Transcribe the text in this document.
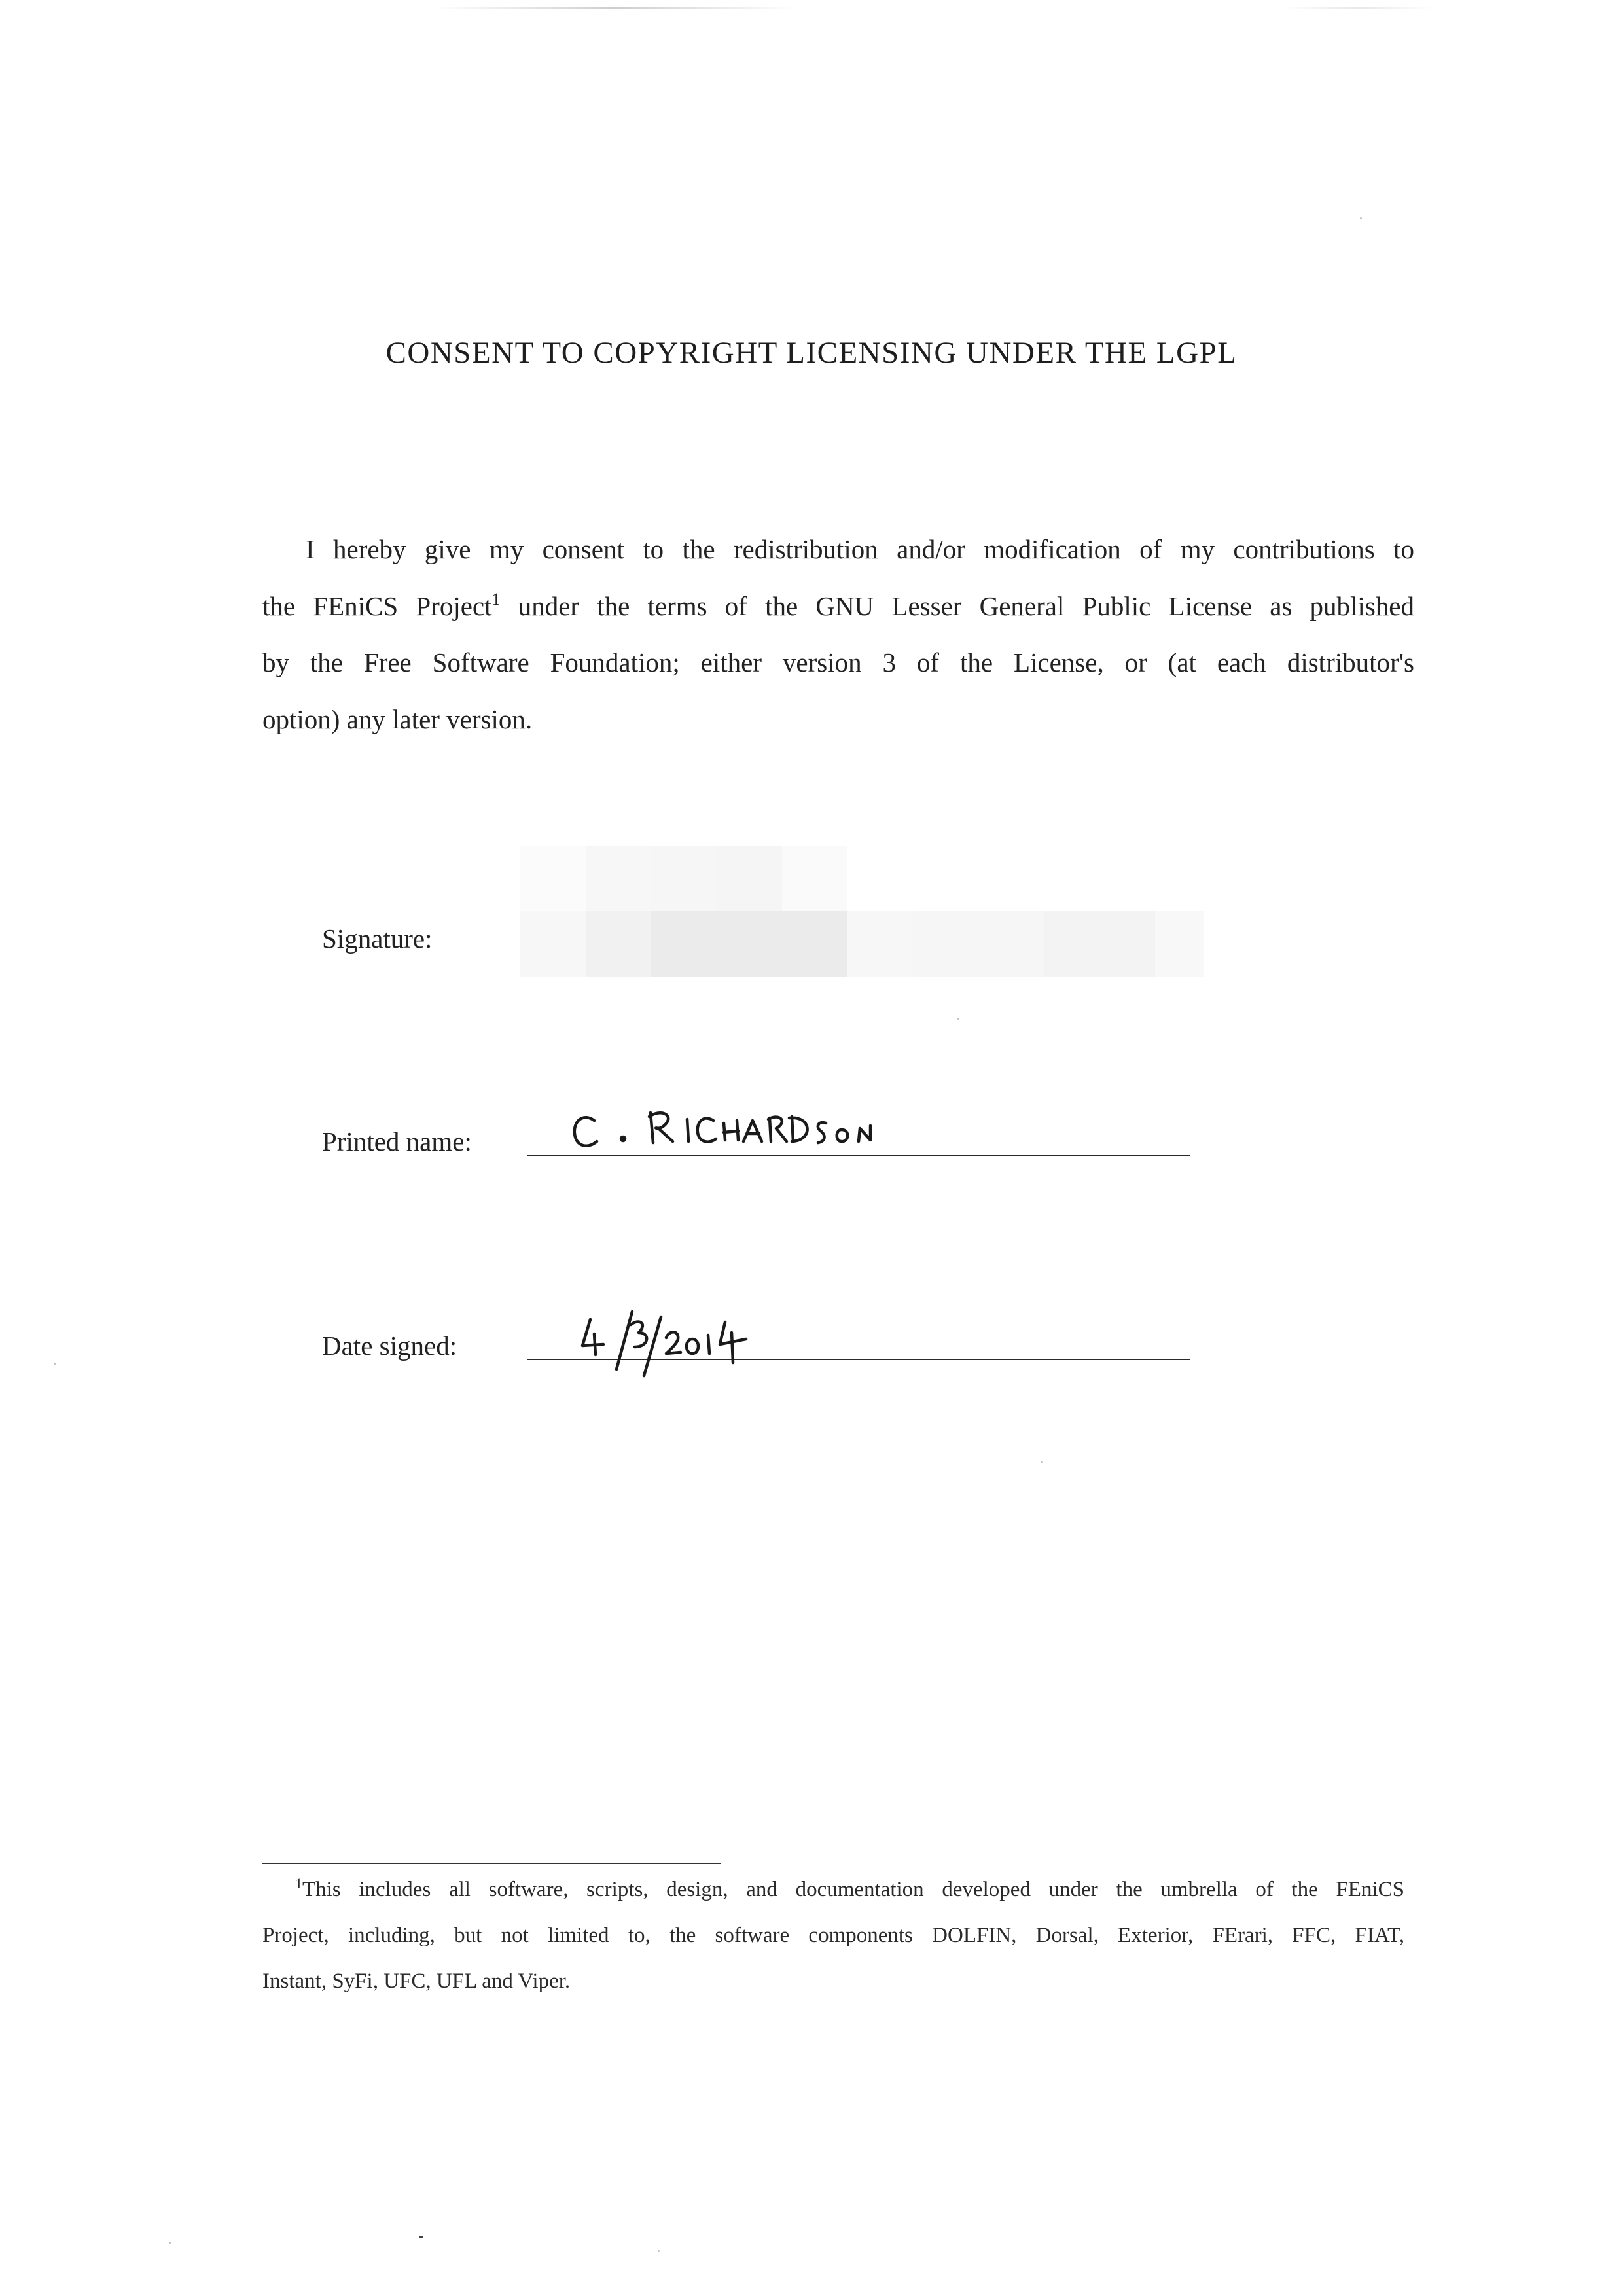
CONSENT TO COPYRIGHT LICENSING UNDER THE LGPL
I hereby give my consent to the redistribution and/or modification of my contributions to
the FEniCS Project$^1$ under the terms of the GNU Lesser General Public License as published
by the Free Software Foundation; either version 3 of the License, or (at each distributor's
option) any later version.
Signature:
Printed name:
Date signed:
$^1$This includes all software, scripts, design, and documentation developed under the umbrella of the FEniCS
Project, including, but not limited to, the software components DOLFIN, Dorsal, Exterior, FErari, FFC, FIAT,
Instant, SyFi, UFC, UFL and Viper.
